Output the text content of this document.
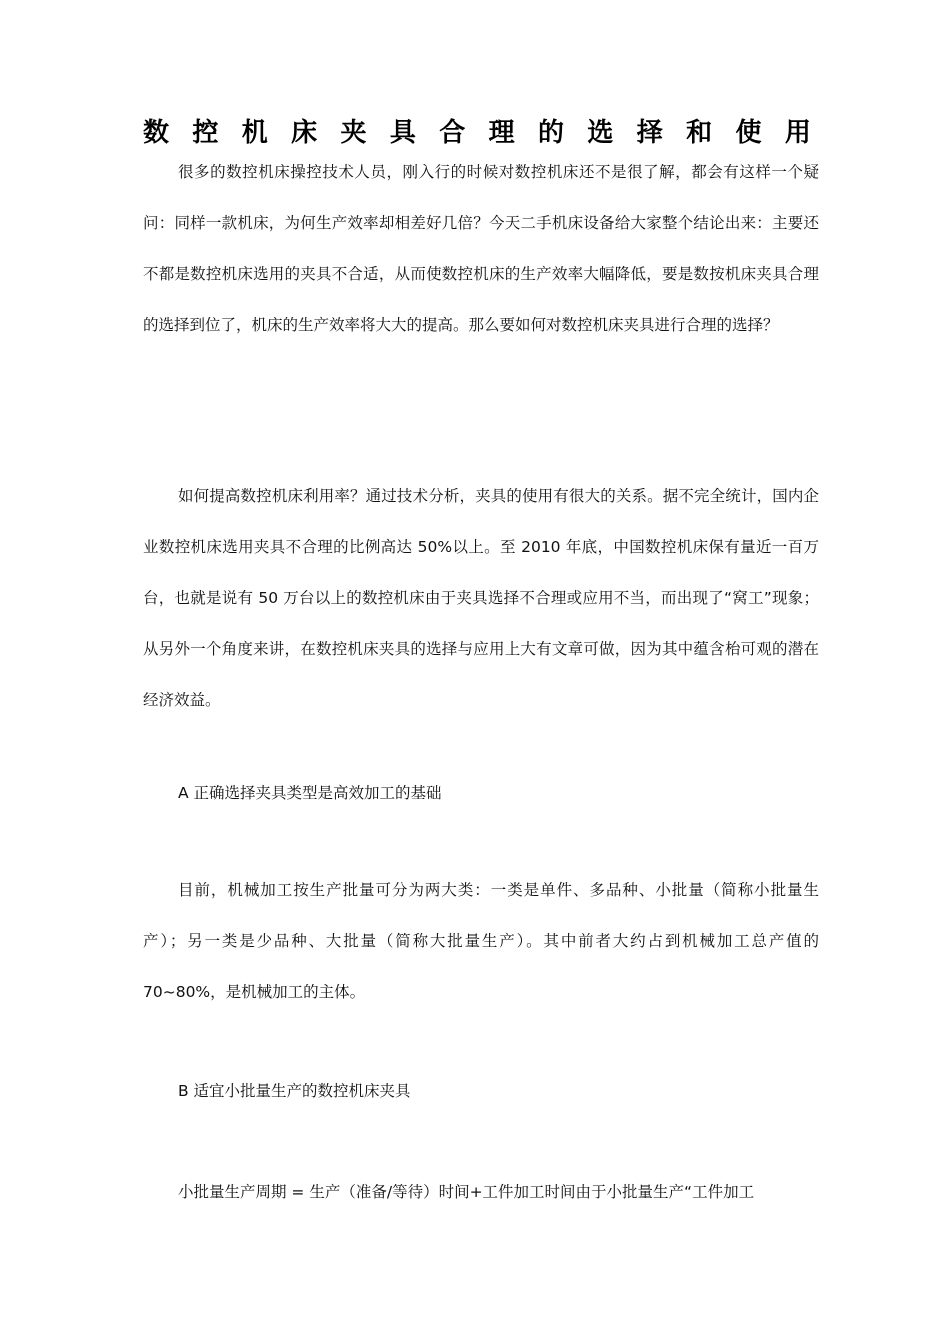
数 控 机 床 夹 具 合 理 的 选 择 和 使 用

很多的数控机床操控技术人员，刚入行的时候对数控机床还不是很了解，都会有这样一个疑问：同样一款机床，为何生产效率却相差好几倍？今天二手机床设备给大家整个结论出来：主要还不都是数控机床选用的夹具不合适，从而使数控机床的生产效率大幅降低，要是数按机床夹具合理的选择到位了，机床的生产效率将大大的提高。那么要如何对数控机床夹具进行合理的选择？

如何提高数控机床利用率？通过技术分析，夹具的使用有很大的关系。据不完全统计，国内企业数控机床选用夹具不合理的比例高达 50%以上。至 2010 年底，中国数控机床保有量近一百万台，也就是说有 50 万台以上的数控机床由于夹具选择不合理或应用不当，而出现了“窝工”现象；从另外一个角度来讲，在数控机床夹具的选择与应用上大有文章可做，因为其中蕴含枱可观的潜在经济效益。

A 正确选择夹具类型是高效加工的基础

目前，机械加工按生产批量可分为两大类：一类是单件、多品种、小批量（简称小批量生产）；另一类是少品种、大批量（简称大批量生产）。其中前者大约占到机械加工总产值的 70~80%，是机械加工的主体。

B 适宜小批量生产的数控机床夹具

小批量生产周期 = 生产（准备/等待）时间+工件加工时间由于小批量生产“工件加工
